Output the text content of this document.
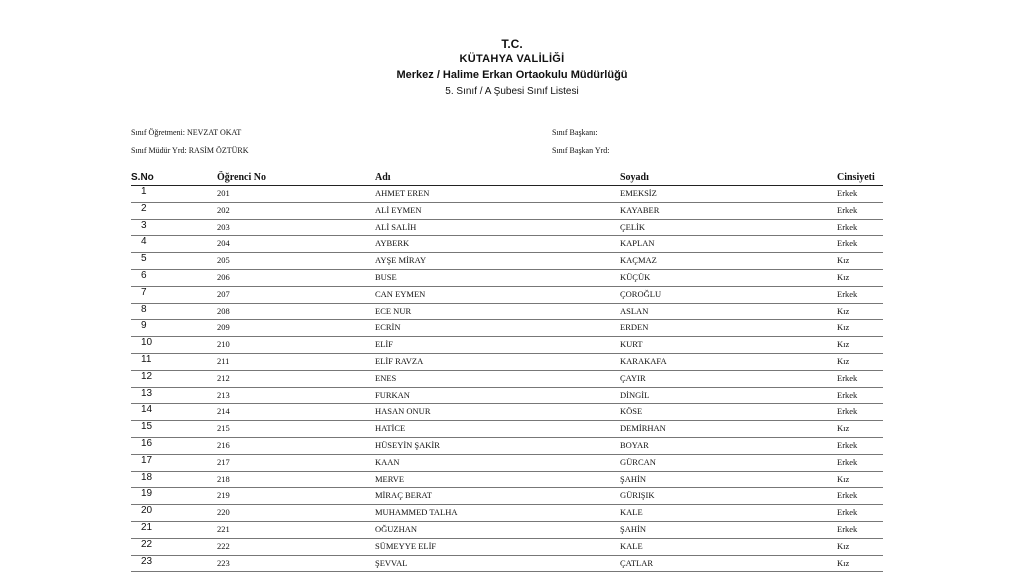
T.C.
KÜTAHYA VALİLİĞİ
Merkez / Halime Erkan Ortaokulu Müdürlüğü
5. Sınıf / A Şubesi Sınıf Listesi
Sınıf Öğretmeni: NEVZAT OKAT
Sınıf Müdür Yrd: RASİM ÖZTÜRK
Sınıf Başkanı:
Sınıf Başkan Yrd:
S.No	Öğrenci No	Adı	Soyadı	Cinsiyeti
1	201	AHMET EREN	EMEKSİZ	Erkek
2	202	ALİ EYMEN	KAYABER	Erkek
3	203	ALİ SALİH	ÇELİK	Erkek
4	204	AYBERK	KAPLAN	Erkek
5	205	AYŞE MİRAY	KAÇMAZ	Kız
6	206	BUSE	KÜÇÜK	Kız
7	207	CAN EYMEN	ÇOROĞLU	Erkek
8	208	ECE NUR	ASLAN	Kız
9	209	ECRİN	ERDEN	Kız
10	210	ELİF	KURT	Kız
11	211	ELİF RAVZA	KARAKAFA	Kız
12	212	ENES	ÇAYIR	Erkek
13	213	FURKAN	DİNGİL	Erkek
14	214	HASAN ONUR	KÖSE	Erkek
15	215	HATİCE	DEMİRHAN	Kız
16	216	HÜSEYİN ŞAKİR	BOYAR	Erkek
17	217	KAAN	GÜRCAN	Erkek
18	218	MERVE	ŞAHİN	Kız
19	219	MİRAÇ BERAT	GÜRIŞIK	Erkek
20	220	MUHAMMED TALHA	KALE	Erkek
21	221	OĞUZHAN	ŞAHİN	Erkek
22	222	SÜMEYYE ELİF	KALE	Kız
23	223	ŞEVVAL	ÇATLAR	Kız
